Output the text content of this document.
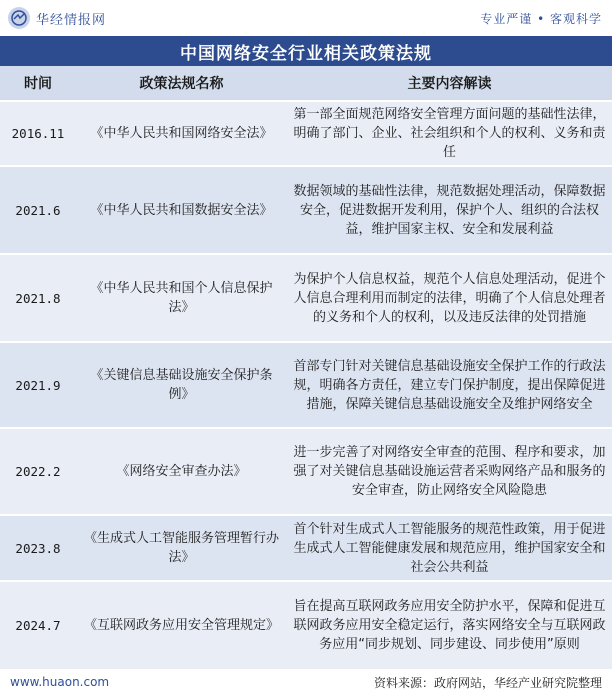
华经情报网	专业严谨 • 客观科学
中国网络安全行业相关政策法规
时间	政策法规名称	主要内容解读
2016.11	《中华人民共和国网络安全法》	第一部全面规范网络安全管理方面问题的基础性法律，明确了部门、企业、社会组织和个人的权利、义务和责任
2021.6	《中华人民共和国数据安全法》	数据领域的基础性法律，规范数据处理活动，保障数据安全，促进数据开发利用，保护个人、组织的合法权益，维护国家主权、安全和发展利益
2021.8	《中华人民共和国个人信息保护法》	为保护个人信息权益，规范个人信息处理活动，促进个人信息合理利用而制定的法律，明确了个人信息处理者的义务和个人的权利，以及违反法律的处罚措施
2021.9	《关键信息基础设施安全保护条例》	首部专门针对关键信息基础设施安全保护工作的行政法规，明确各方责任，建立专门保护制度，提出保障促进措施，保障关键信息基础设施安全及维护网络安全
2022.2	《网络安全审查办法》	进一步完善了对网络安全审查的范围、程序和要求，加强了对关键信息基础设施运营者采购网络产品和服务的安全审查，防止网络安全风险隐患
2023.8	《生成式人工智能服务管理暂行办法》	首个针对生成式人工智能服务的规范性政策，用于促进生成式人工智能健康发展和规范应用，维护国家安全和社会公共利益
2024.7	《互联网政务应用安全管理规定》	旨在提高互联网政务应用安全防护水平，保障和促进互联网政务应用安全稳定运行，落实网络安全与互联网政务应用“同步规划、同步建设、同步使用”原则
www.huaon.com	资料来源：政府网站，华经产业研究院整理
